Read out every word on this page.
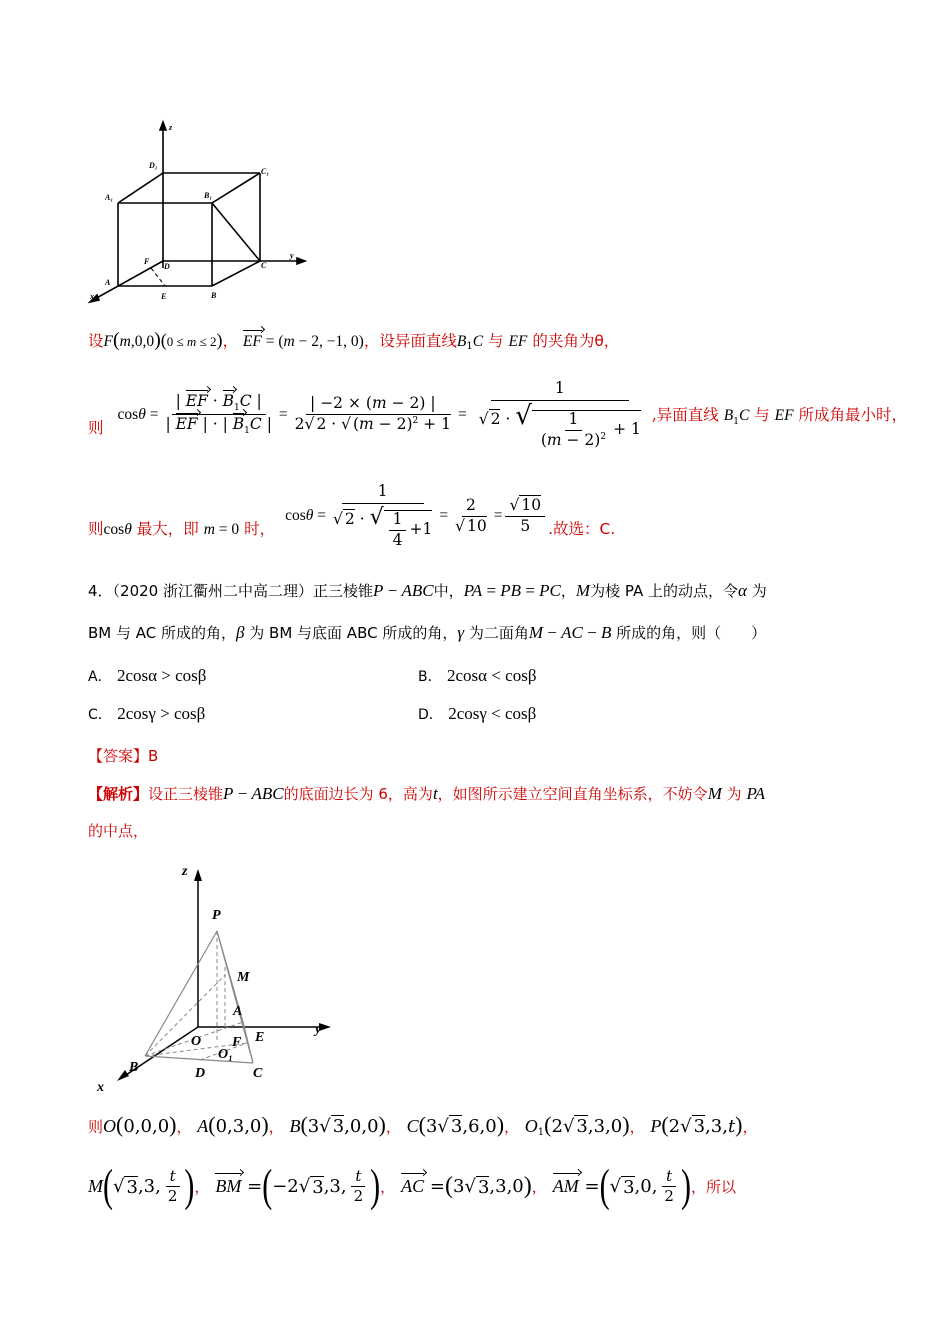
z
D₁
C₁
A₁	B₁
y
F
D	C
A
E	B
x
设F(m,0,0)(0 ≤ m ≤ 2)， EF = (m − 2, −1, 0)，设异面直线$B_1C$ 与 EF 的夹角为θ，
则
$\cos\theta = \frac{| EF \cdot B_1C |}{| EF | \cdot | B_1C |} = \frac{| -2 \times (m - 2) |}{2√ 2 \cdot √ (m - 2)^2 + 1} = \frac{1}{√ 2 \cdot √ \frac{1}{(m - 2)^2} + 1}$ ,异面直线 $B_1C$ 与 EF 所成角最小时，
则cosθ 最大，即 m = 0 时，
$\cos\theta = \frac{1}{√ 2 \cdot √ \frac{1}{4} +1} = \frac{2}{√ 10} = \frac{√ 10}{5}$ .故选：C.
4．（2020 浙江衢州二中高二理）正三棱锥P − ABC中，PA = PB = PC，M为棱 PA 上的动点，令α 为
BM 与 AC 所成的角，β 为 BM 与底面 ABC 所成的角，γ 为二面角M − AC − B 所成的角，则（　　）
A． 2cosα > cosβ	B． 2cosα < cosβ
C． 2cosγ > cosβ	D． 2cosγ < cosβ
【答案】B
【解析】设正三棱锥P − ABC的底面边长为 6，高为t，如图所示建立空间直角坐标系，不妨令M 为 PA
的中点，
z
P
M
A
y
E
O F
O₁
B	D	C
x
则O(0,0,0)， A(0,3,0)， B(3√ 3,0,0)， C(3√ 3,6,0)， $O_1(2√$ 3,3,0)， P(2√ 3,3,t)，
M ( √ 3 ,3, $\frac{t}{2}$ ) ， BM = ( −2 √ 3 ,3, $\frac{t}{2}$ ) ， AC = ( 3 √ 3 ,3,0 ) ， AM = ( √ 3 ,0, $\frac{t}{2}$ ) ，所以
